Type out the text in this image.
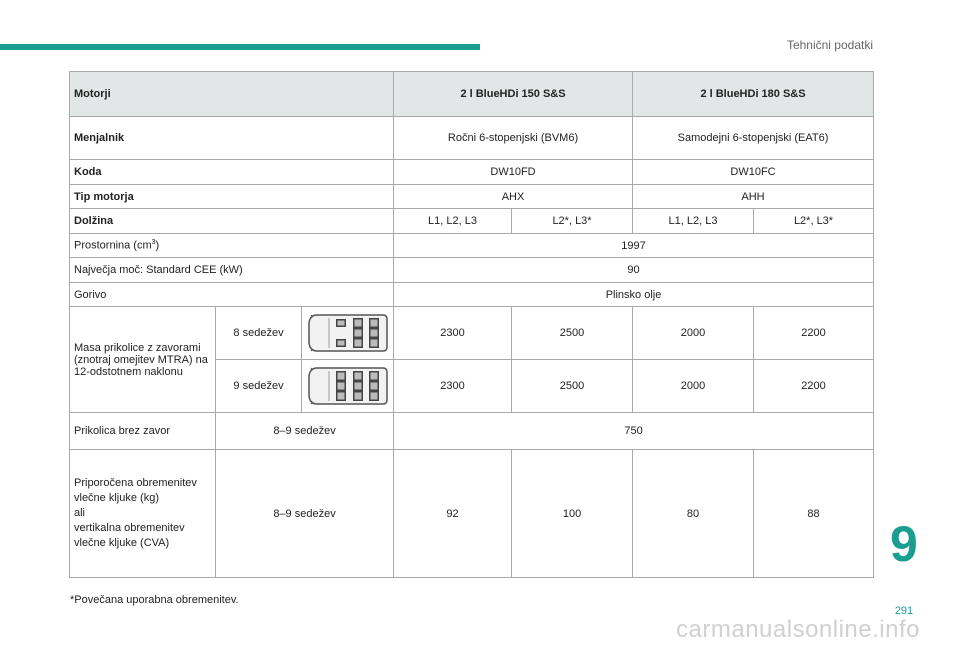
Tehnični podatki
Motorji			2 l BlueHDi 150 S&S		2 l BlueHDi 180 S&S	
Menjalnik			Ročni 6-stopenjski (BVM6)		Samodejni 6-stopenjski (EAT6)	
Koda			DW10FD		DW10FC	
Tip motorja			AHX		AHH	
Dolžina			L1, L2, L3	L2*, L3*	L1, L2, L3	L2*, L3*
Prostornina $(cm^3)$			1997			
Največja moč: Standard CEE (kW)			90			
Gorivo			Plinsko olje			
Masa prikolice z zavorami (znotraj omejitev MTRA) na 12-odstotnem naklonu	8 sedežev		2300	2500	2000	2200
	9 sedežev		2300	2500	2000	2200
Prikolica brez zavor	8–9 sedežev		750			
Priporočena obremenitev
vlečne kljuke (kg)
ali
vertikalna obremenitev
vlečne kljuke (CVA)	8–9 sedežev		92	100	80	88
*Povečana uporabna obremenitev.
9
291
carmanualsonline.info
